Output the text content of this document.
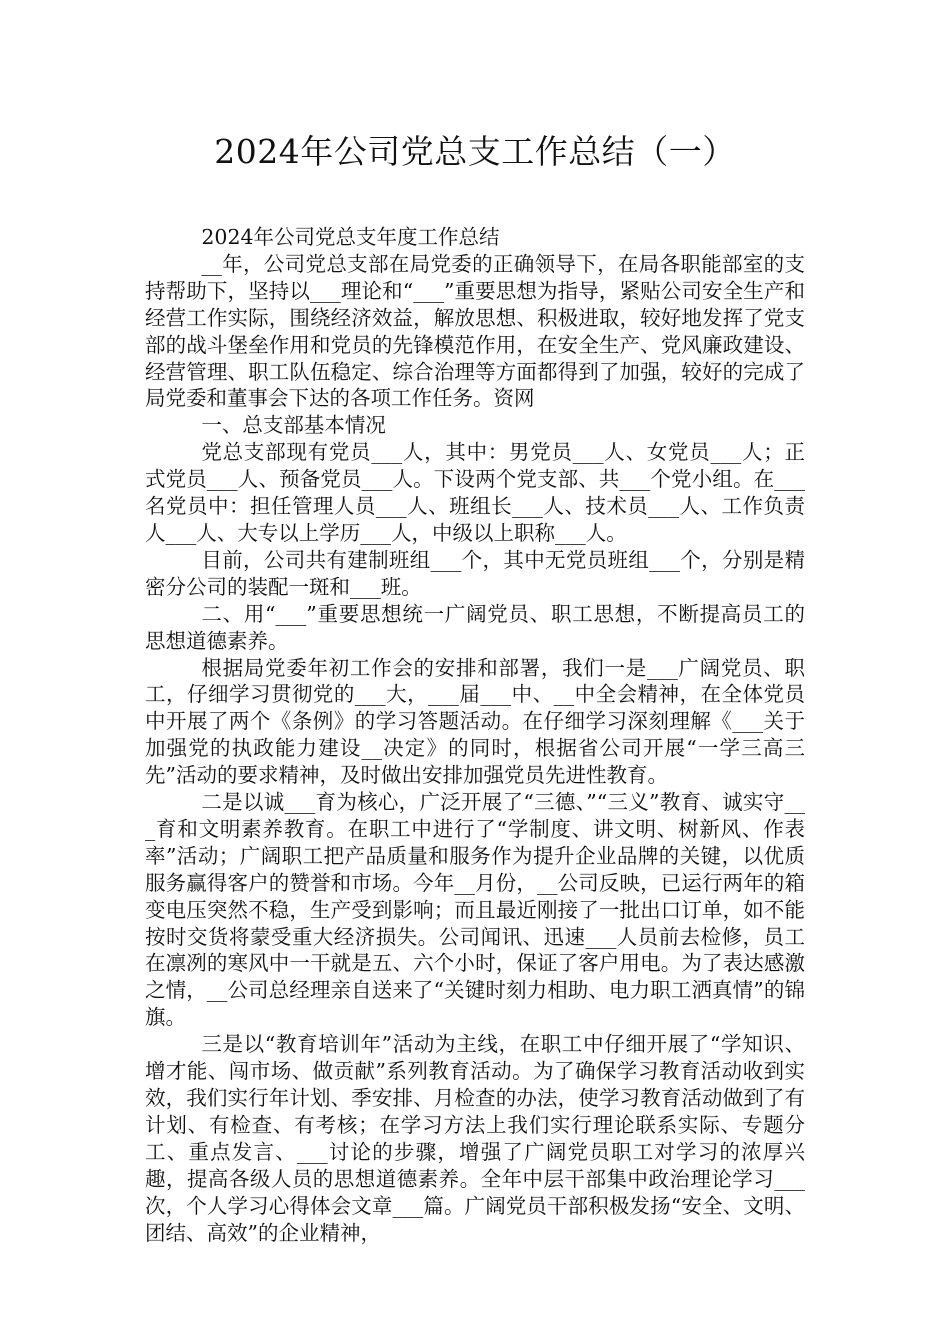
2024年公司党总支工作总结（一）

2024年公司党总支年度工作总结

__年，公司党总支部在局党委的正确领导下，在局各职能部室的支持帮助下，坚持以___理论和“___”重要思想为指导，紧贴公司安全生产和经营工作实际，围绕经济效益，解放思想、积极进取，较好地发挥了党支部的战斗堡垒作用和党员的先锋模范作用，在安全生产、党风廉政建设、经营管理、职工队伍稳定、综合治理等方面都得到了加强，较好的完成了局党委和董事会下达的各项工作任务。资网

一、总支部基本情况

党总支部现有党员___人，其中：男党员___人、女党员___人；正式党员___人、预备党员___人。下设两个党支部、共___个党小组。在___名党员中：担任管理人员___人、班组长___人、技术员___人、工作负责人___人、大专以上学历___人，中级以上职称___人。

目前，公司共有建制班组___个，其中无党员班组___个，分别是精密分公司的装配一斑和___班。

二、用“___”重要思想统一广阔党员、职工思想，不断提高员工的思想道德素养。

根据局党委年初工作会的安排和部署，我们一是___广阔党员、职工，仔细学习贯彻党的___大，___届___中、__中全会精神，在全体党员中开展了两个《条例》的学习答题活动。在仔细学习深刻理解《___关于加强党的执政能力建设__决定》的同时，根据省公司开展“一学三高三先”活动的要求精神，及时做出安排加强党员先进性教育。

二是以诚___育为核心，广泛开展了“三德、”“三义”教育、诚实守___育和文明素养教育。在职工中进行了“学制度、讲文明、树新风、作表率”活动；广阔职工把产品质量和服务作为提升企业品牌的关键，以优质服务赢得客户的赞誉和市场。今年__月份，__公司反映，已运行两年的箱变电压突然不稳，生产受到影响；而且最近刚接了一批出口订单，如不能按时交货将蒙受重大经济损失。公司闻讯、迅速___人员前去检修，员工在凛冽的寒风中一干就是五、六个小时，保证了客户用电。为了表达感激之情，__公司总经理亲自送来了“关键时刻力相助、电力职工洒真情”的锦旗。

三是以“教育培训年”活动为主线，在职工中仔细开展了“学知识、增才能、闯市场、做贡献”系列教育活动。为了确保学习教育活动收到实效，我们实行年计划、季安排、月检查的办法，使学习教育活动做到了有计划、有检查、有考核；在学习方法上我们实行理论联系实际、专题分工、重点发言、___讨论的步骤，增强了广阔党员职工对学习的浓厚兴趣，提高各级人员的思想道德素养。全年中层干部集中政治理论学习___次，个人学习心得体会文章___篇。广阔党员干部积极发扬“安全、文明、团结、高效”的企业精神，
